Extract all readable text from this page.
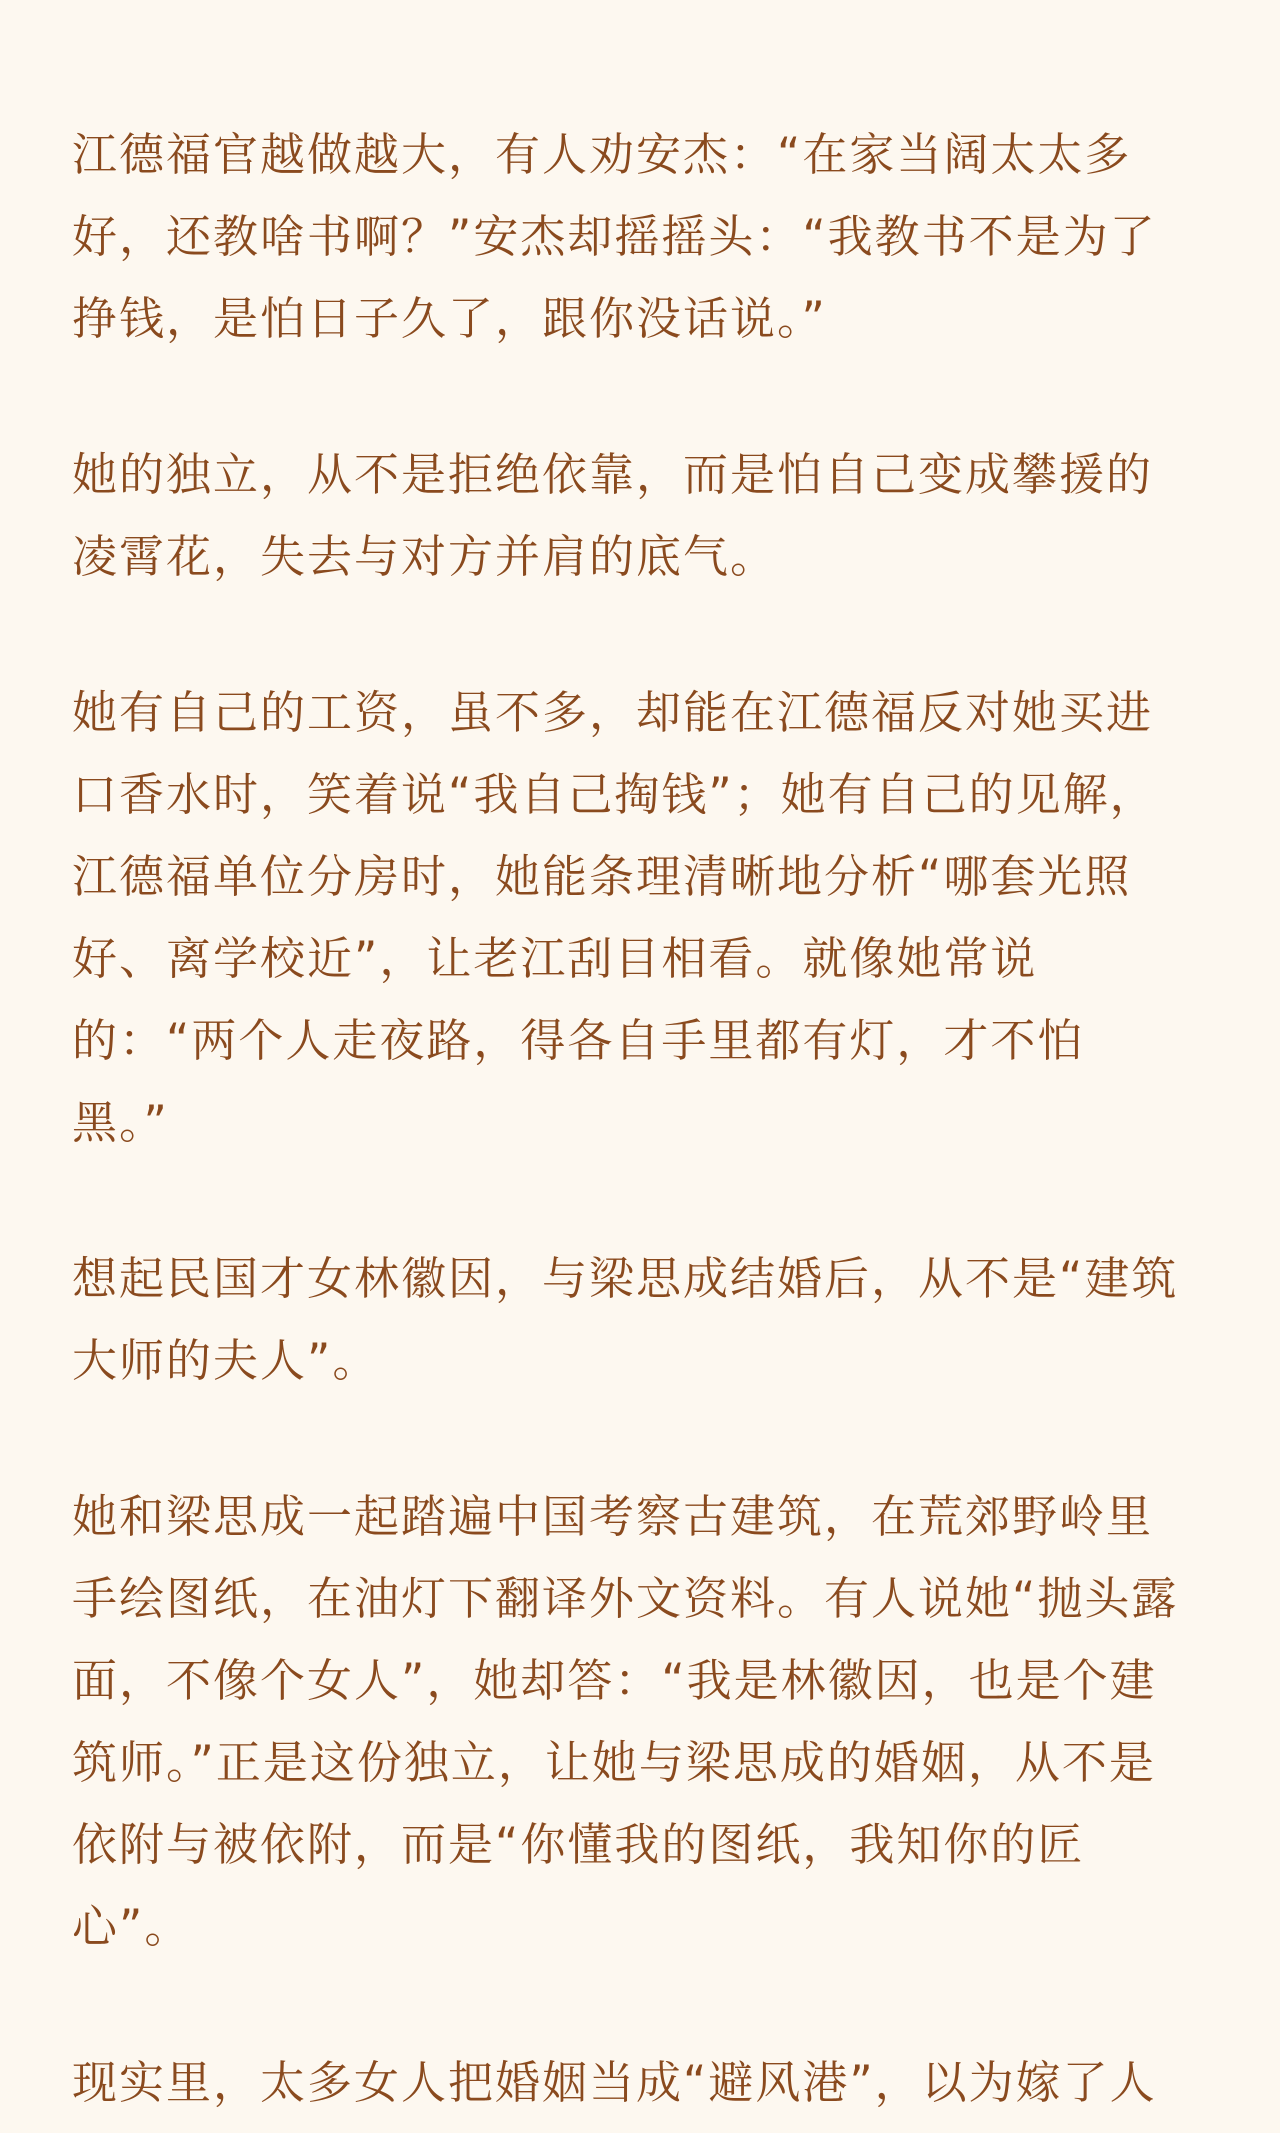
江德福官越做越大，有人劝安杰：“在家当阔太太多
好，还教啥书啊？”安杰却摇摇头：“我教书不是为了
挣钱，是怕日子久了，跟你没话说。”

她的独立，从不是拒绝依靠，而是怕自己变成攀援的
凌霄花，失去与对方并肩的底气。

她有自己的工资，虽不多，却能在江德福反对她买进
口香水时，笑着说“我自己掏钱”；她有自己的见解，
江德福单位分房时，她能条理清晰地分析“哪套光照
好、离学校近”，让老江刮目相看。就像她常说
的：“两个人走夜路，得各自手里都有灯，才不怕
黑。”

想起民国才女林徽因，与梁思成结婚后，从不是“建筑
大师的夫人”。

她和梁思成一起踏遍中国考察古建筑，在荒郊野岭里
手绘图纸，在油灯下翻译外文资料。有人说她“抛头露
面，不像个女人”，她却答：“我是林徽因，也是个建
筑师。”正是这份独立，让她与梁思成的婚姻，从不是
依附与被依附，而是“你懂我的图纸，我知你的匠
心”。

现实里，太多女人把婚姻当成“避风港”，以为嫁了人
